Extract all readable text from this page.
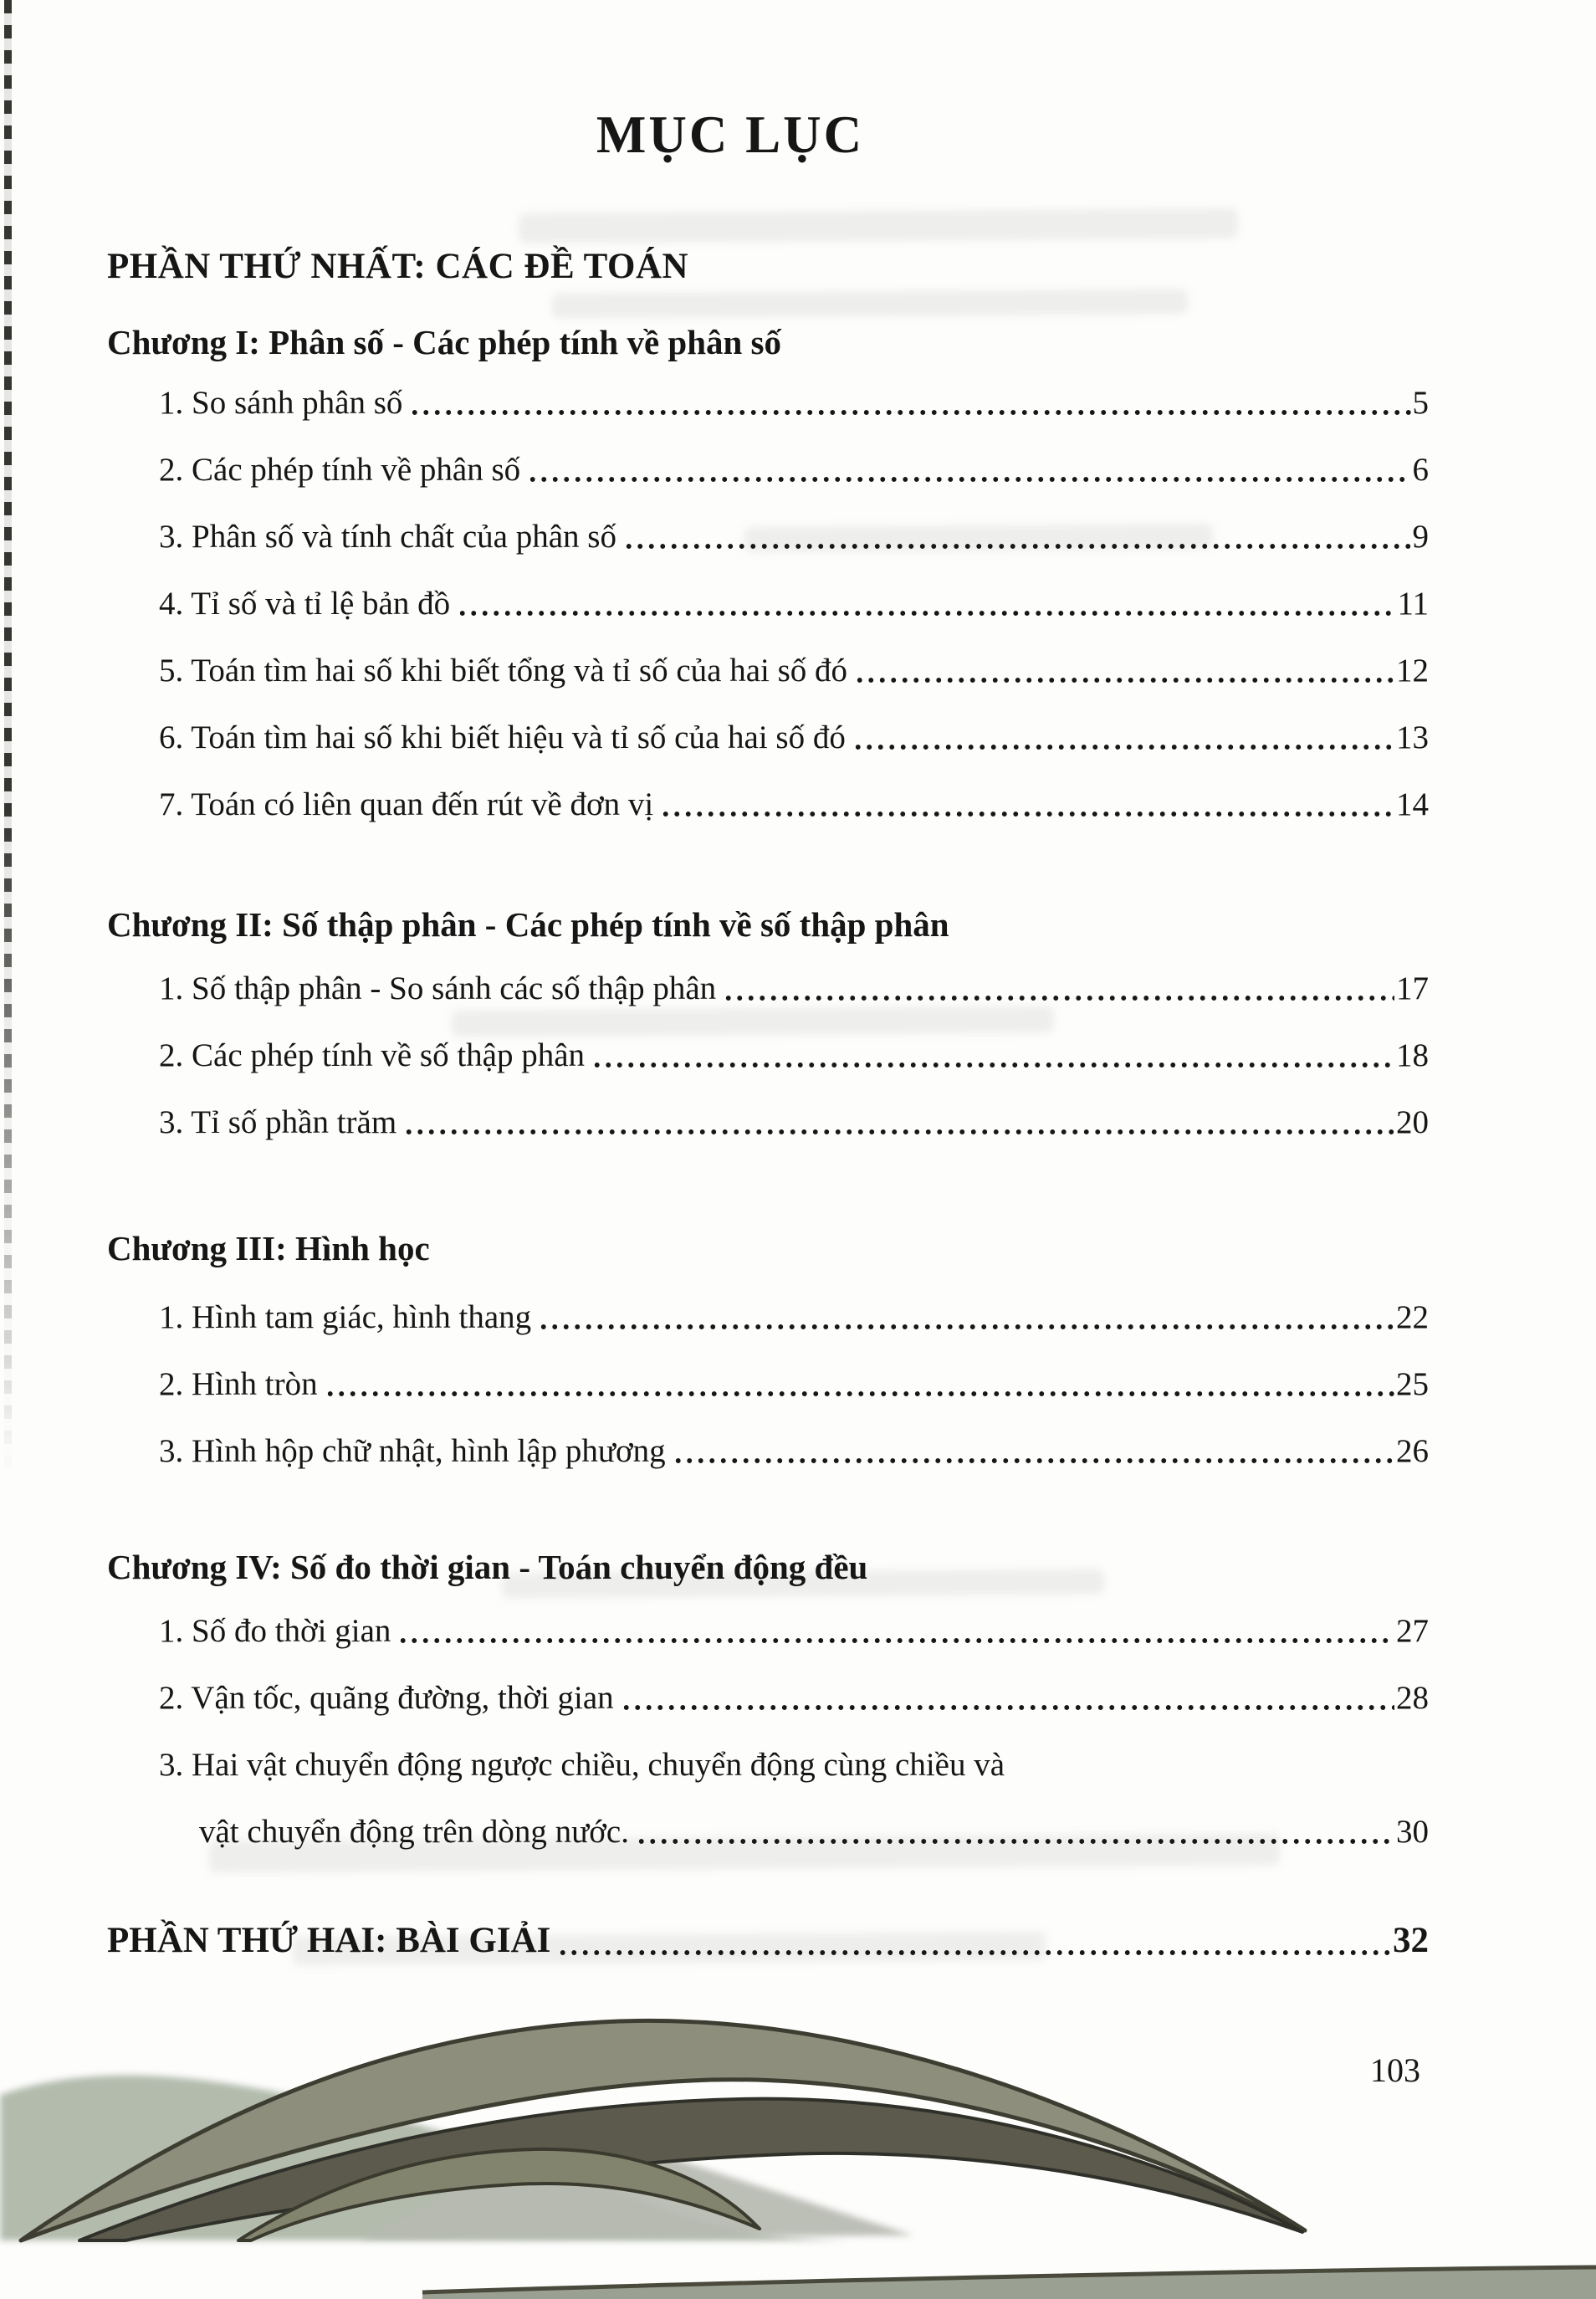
MỤC LỤC
PHẦN THỨ NHẤT: CÁC ĐỀ TOÁN
Chương I: Phân số - Các phép tính về phân số
1. So sánh phân số	5
2. Các phép tính về phân số	6
3. Phân số và tính chất của phân số	9
4. Tỉ số và tỉ lệ bản đồ	11
5. Toán tìm hai số khi biết tổng và tỉ số của hai số đó	12
6. Toán tìm hai số khi biết hiệu và tỉ số của hai số đó	13
7. Toán có liên quan đến rút về đơn vị	14
Chương II: Số thập phân - Các phép tính về số thập phân
1. Số thập phân - So sánh các số thập phân	17
2. Các phép tính về số thập phân	18
3. Tỉ số phần trăm	20
Chương III: Hình học
1. Hình tam giác, hình thang	22
2. Hình tròn	25
3. Hình hộp chữ nhật, hình lập phương	26
Chương IV: Số đo thời gian - Toán chuyển động đều
1. Số đo thời gian	27
2. Vận tốc, quãng đường, thời gian	28
3. Hai vật chuyển động ngược chiều, chuyển động cùng chiều và
vật chuyển động trên dòng nước.	30
PHẦN THỨ HAI: BÀI GIẢI	32
103
